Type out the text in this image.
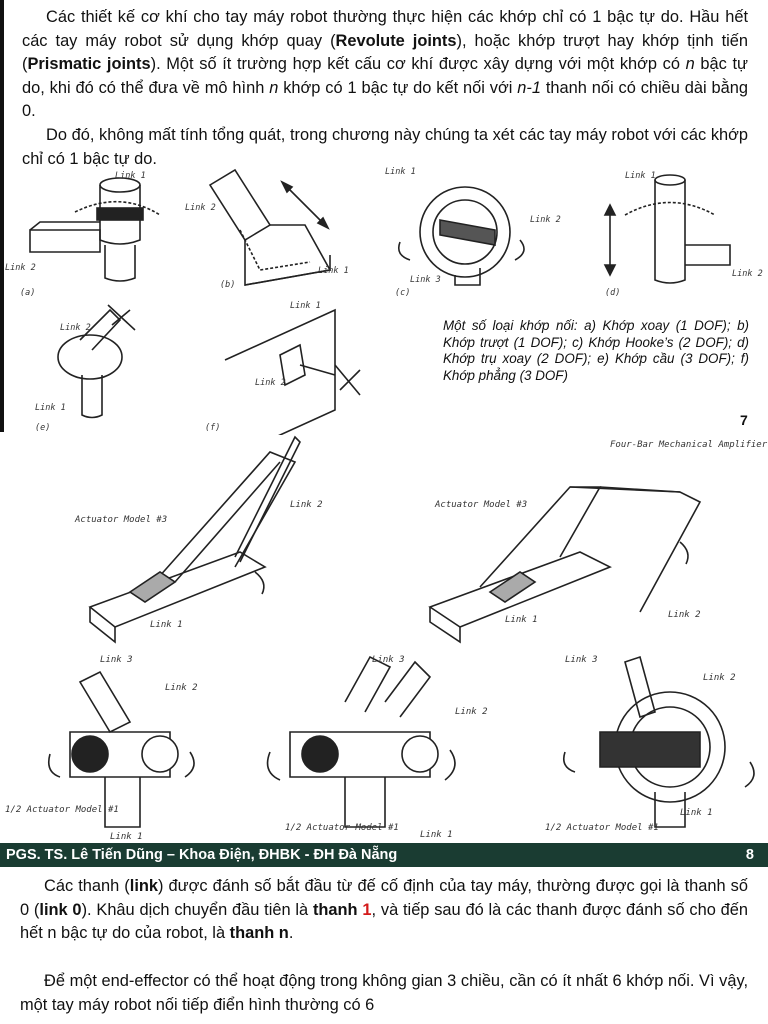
Các thiết kế cơ khí cho tay máy robot thường thực hiện các khớp chỉ có 1 bậc tự do. Hầu hết các tay máy robot sử dụng khớp quay (Revolute joints), hoặc khớp trượt hay khớp tịnh tiến (Prismatic joints). Một số ít trường hợp kết cấu cơ khí được xây dựng với một khớp có n bậc tự do, khi đó có thể đưa về mô hình n khớp có 1 bậc tự do kết nối với n-1 thanh nối có chiều dài bằng 0.
Do đó, không mất tính tổng quát, trong chương này chúng ta xét các tay máy robot với các khớp chỉ có 1 bậc tự do.
Link 1
Link 2
(a)
Link 2
Link 1
(b)
Link 1
Link 2
Link 3
(c)
Link 1
Link 2
(d)
Link 2
Link 1
(e)
Link 1
Link 2
(f)
Một số loại khớp nối: a) Khớp xoay (1 DOF); b) Khớp trượt (1 DOF); c) Khớp Hooke’s (2 DOF); d) Khớp trụ xoay (2 DOF); e) Khớp cầu (3 DOF); f) Khớp phẳng (3 DOF)
7
Link 2
Link 1
Actuator Model #3
Four-Bar Mechanical Amplifier
Actuator Model #3
Link 1	Link 2
Link 3
Link 2
1/2 Actuator Model #1
Link 1
Link 3
Link 2
1/2 Actuator Model #1
Link 1
Link 3
Link 2
Link 1
1/2 Actuator Model #1
PGS. TS. Lê Tiến Dũng – Khoa Điện, ĐHBK - ĐH Đà Nẵng	8
Các thanh (link) được đánh số bắt đầu từ đế cố định của tay máy, thường được gọi là thanh số 0 (link 0). Khâu dịch chuyển đầu tiên là thanh 1, và tiếp sau đó là các thanh được đánh số cho đến hết n bậc tự do của robot, là thanh n.
Để một end-effector có thể hoạt động trong không gian 3 chiều, cần có ít nhất 6 khớp nối. Vì vậy, một tay máy robot nối tiếp điển hình thường có 6
